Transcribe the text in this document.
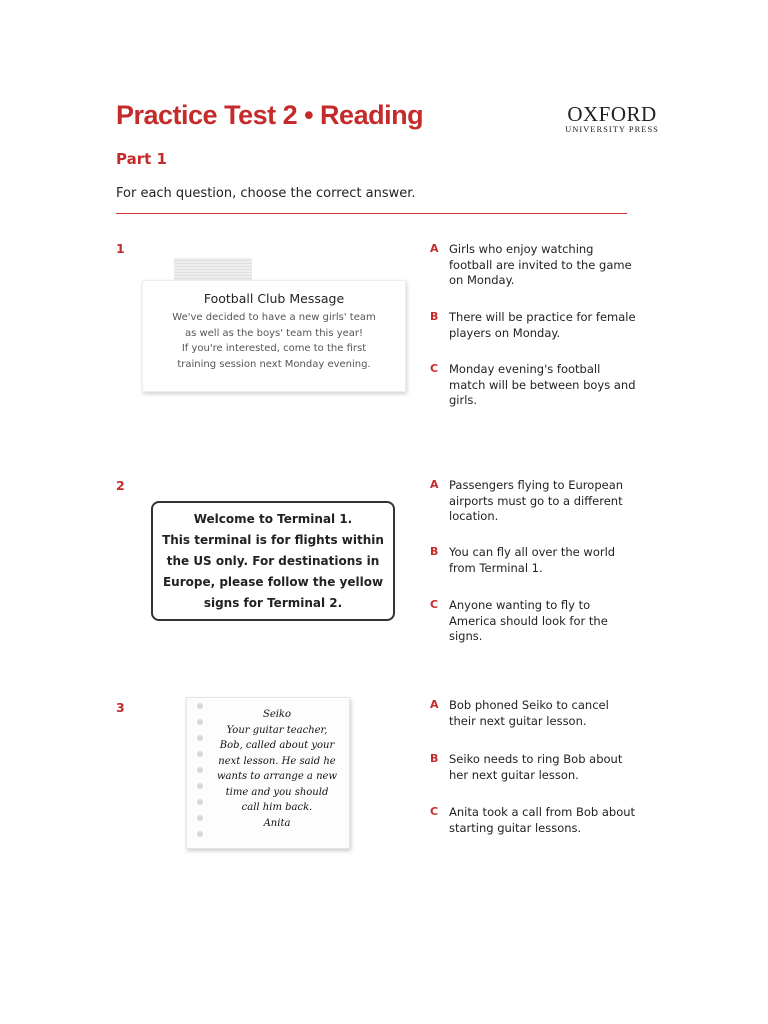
Practice Test 2 • Reading	OXFORD
UNIVERSITY PRESS
Part 1
For each question, choose the correct answer.
1
Football Club Message
We've decided to have a new girls' team
as well as the boys' team this year!
If you're interested, come to the first
training session next Monday evening.
A Girls who enjoy watching football are invited to the game on Monday.
B There will be practice for female players on Monday.
C Monday evening's football match will be between boys and girls.
2
Welcome to Terminal 1.
This terminal is for flights within
the US only. For destinations in
Europe, please follow the yellow
signs for Terminal 2.
A Passengers flying to European airports must go to a different location.
B You can fly all over the world from Terminal 1.
C Anyone wanting to fly to America should look for the signs.
3	Seiko
Your guitar teacher,
Bob, called about your
next lesson. He said he
wants to arrange a new
time and you should
call him back.
Anita
A Bob phoned Seiko to cancel their next guitar lesson.
B Seiko needs to ring Bob about her next guitar lesson.
C Anita took a call from Bob about starting guitar lessons.
